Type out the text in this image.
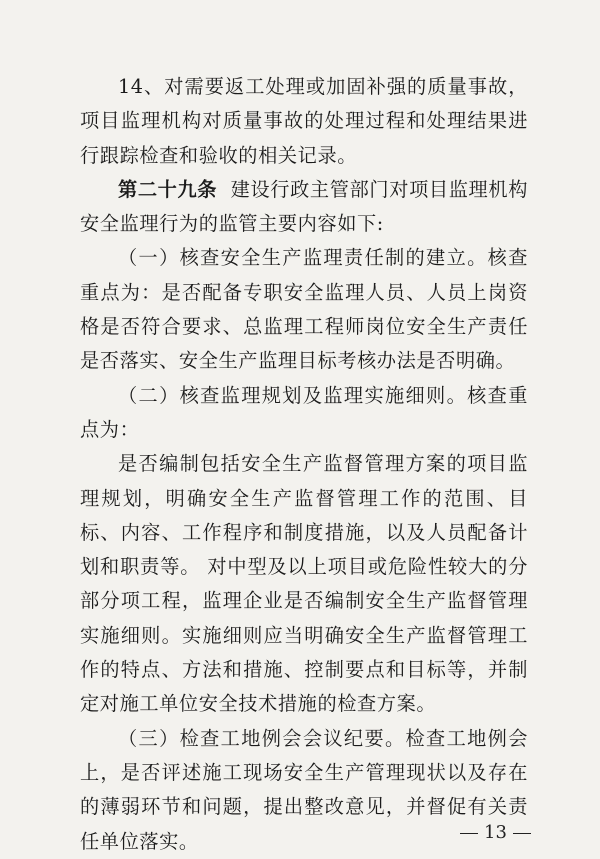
14、对需要返工处理或加固补强的质量事故，项目监理机构对质量事故的处理过程和处理结果进行跟踪检查和验收的相关记录。

第二十九条 建设行政主管部门对项目监理机构安全监理行为的监管主要内容如下:

（一）核查安全生产监理责任制的建立。核查重点为：是否配备专职安全监理人员、人员上岗资格是否符合要求、总监理工程师岗位安全生产责任是否落实、安全生产监理目标考核办法是否明确。

（二）核查监理规划及监理实施细则。核查重点为：

是否编制包括安全生产监督管理方案的项目监理规划，明确安全生产监督管理工作的范围、目标、内容、工作程序和制度措施，以及人员配备计划和职责等。 对中型及以上项目或危险性较大的分部分项工程，监理企业是否编制安全生产监督管理实施细则。实施细则应当明确安全生产监督管理工作的特点、方法和措施、控制要点和目标等，并制定对施工单位安全技术措施的检查方案。

（三）检查工地例会会议纪要。检查工地例会上，是否评述施工现场安全生产管理现状以及存在的薄弱环节和问题，提出整改意见，并督促有关责任单位落实。	13
